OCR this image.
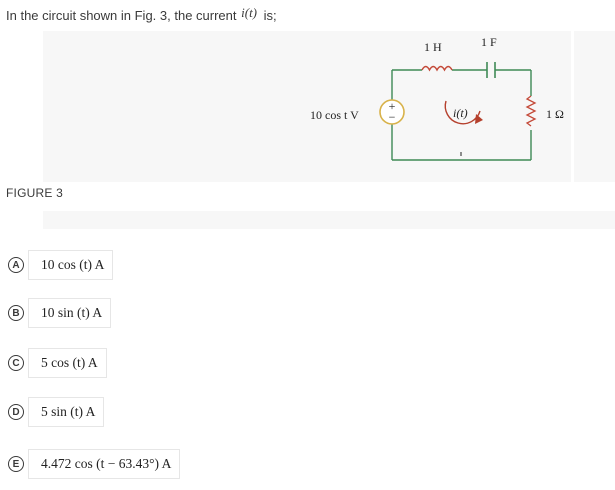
In the circuit shown in Fig. 3, the current i(t) is;
+
−
10 cos t V
1 H	1 F
1 Ω
i(t)
FIGURE 3
A	10 cos (t) A
B	10 sin (t) A
C	5 cos (t) A
D	5 sin (t) A
E	4.472 cos (t − 63.43°) A
